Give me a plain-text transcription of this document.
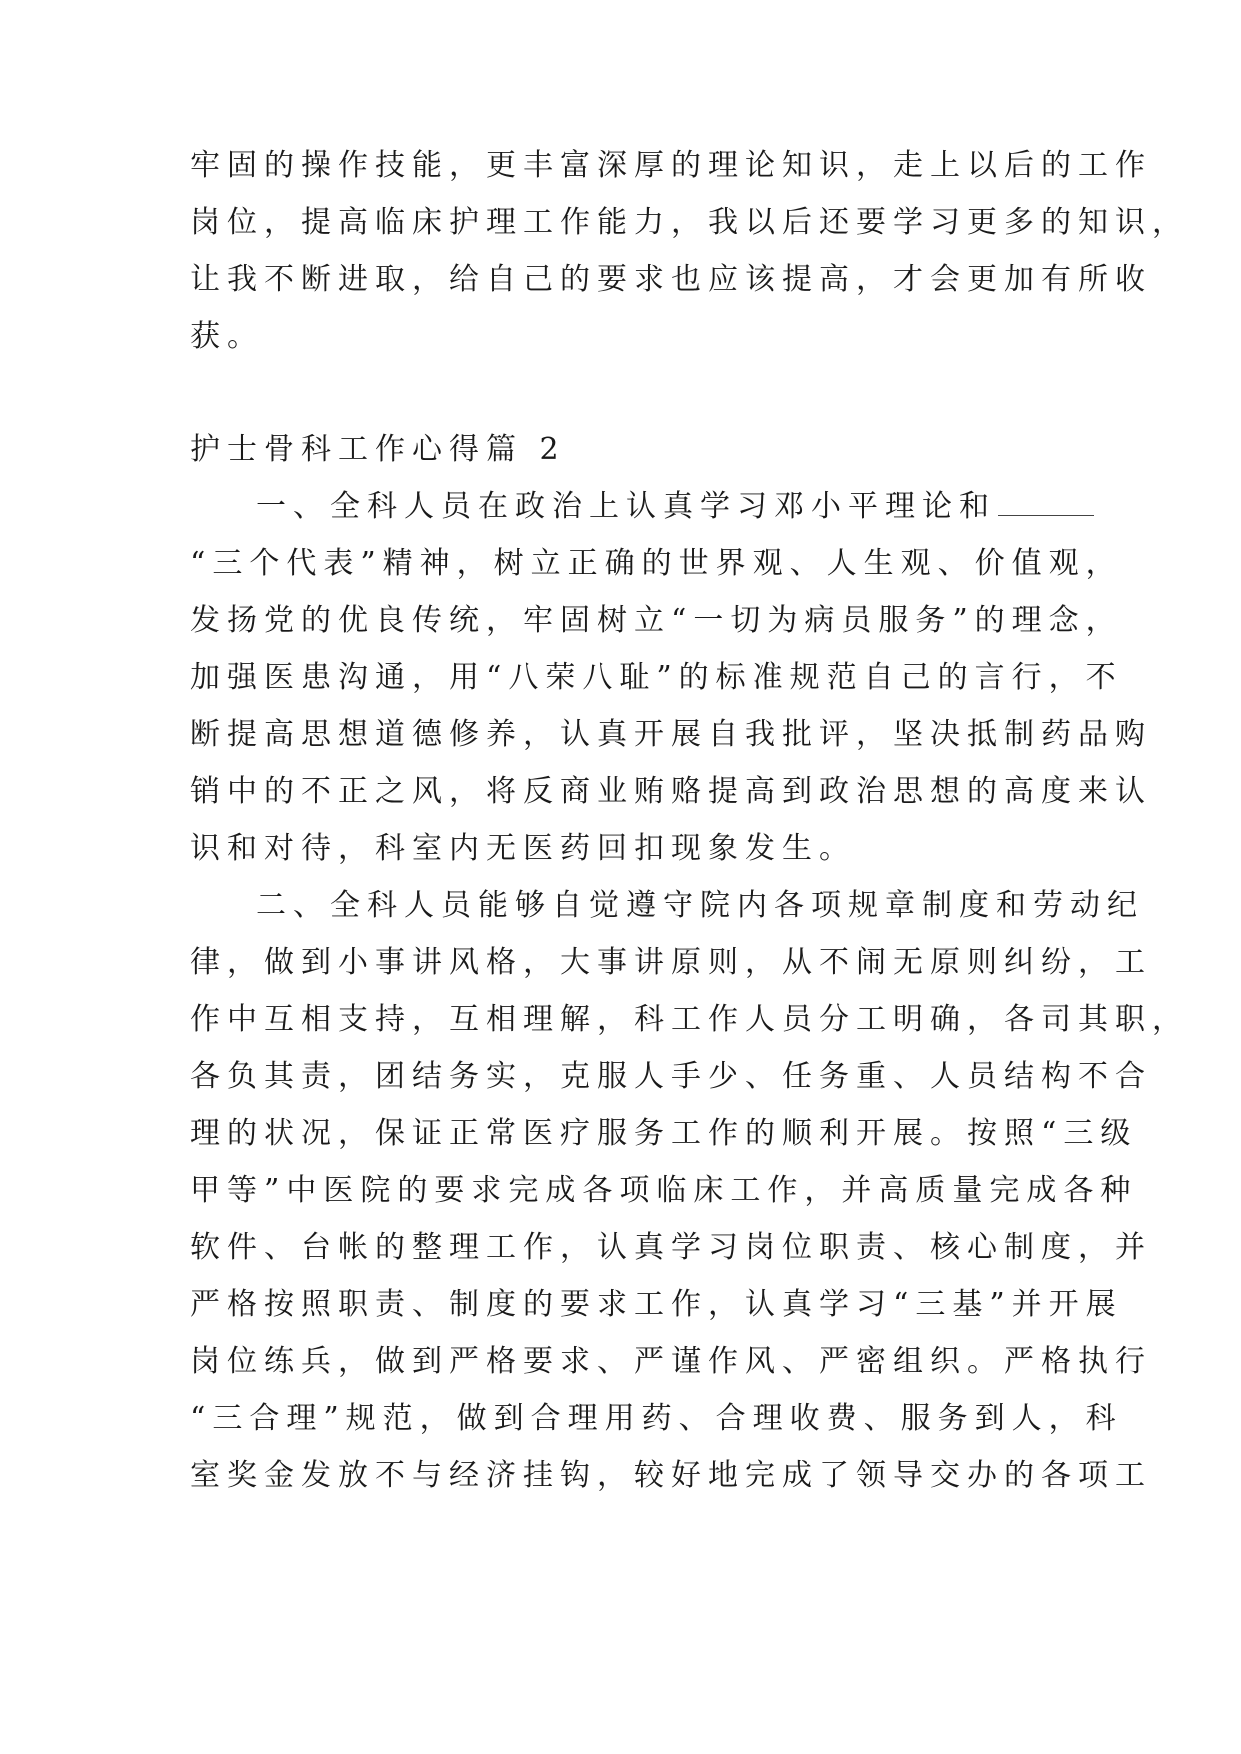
牢固的操作技能，更丰富深厚的理论知识，走上以后的工作
岗位，提高临床护理工作能力，我以后还要学习更多的知识，
让我不断进取，给自己的要求也应该提高，才会更加有所收
获。
护士骨科工作心得篇 2
一、全科人员在政治上认真学习邓小平理论和
“三个代表”精神，树立正确的世界观、人生观、价值观，
发扬党的优良传统，牢固树立“一切为病员服务”的理念，
加强医患沟通，用“八荣八耻”的标准规范自己的言行，不
断提高思想道德修养，认真开展自我批评，坚决抵制药品购
销中的不正之风，将反商业贿赂提高到政治思想的高度来认
识和对待，科室内无医药回扣现象发生。
二、全科人员能够自觉遵守院内各项规章制度和劳动纪
律，做到小事讲风格，大事讲原则，从不闹无原则纠纷，工
作中互相支持，互相理解，科工作人员分工明确，各司其职，
各负其责，团结务实，克服人手少、任务重、人员结构不合
理的状况，保证正常医疗服务工作的顺利开展。按照“三级
甲等”中医院的要求完成各项临床工作，并高质量完成各种
软件、台帐的整理工作，认真学习岗位职责、核心制度，并
严格按照职责、制度的要求工作，认真学习“三基”并开展
岗位练兵，做到严格要求、严谨作风、严密组织。严格执行
“三合理”规范，做到合理用药、合理收费、服务到人，科
室奖金发放不与经济挂钩，较好地完成了领导交办的各项工
